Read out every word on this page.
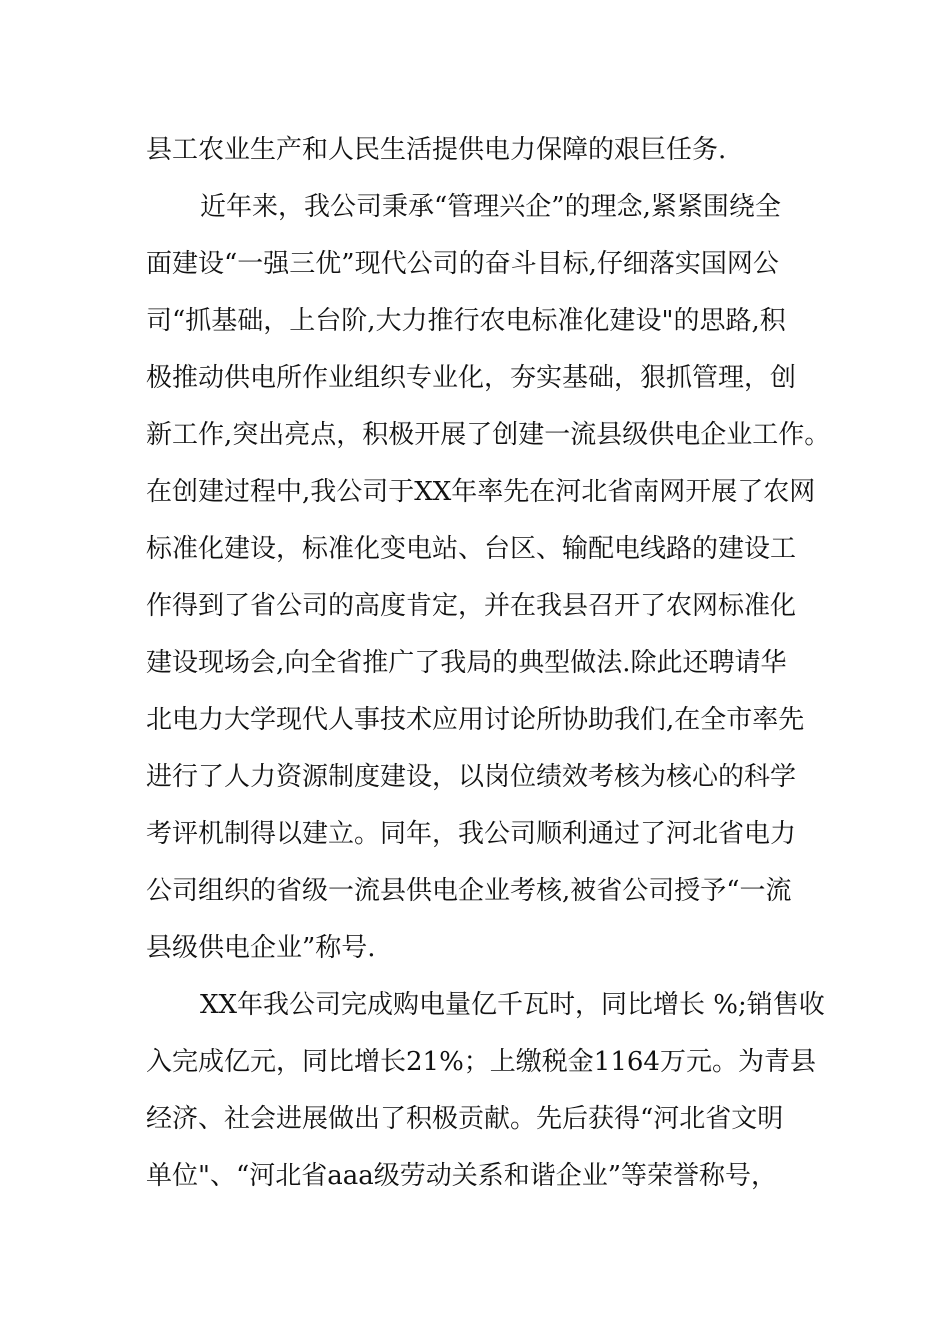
县工农业生产和人民生活提供电力保障的艰巨任务.
近年来，我公司秉承“管理兴企”的理念,紧紧围绕全
面建设“一强三优”现代公司的奋斗目标,仔细落实国网公
司“抓基础，上台阶,大力推行农电标准化建设"的思路,积
极推动供电所作业组织专业化，夯实基础，狠抓管理，创
新工作,突出亮点，积极开展了创建一流县级供电企业工作。
在创建过程中,我公司于XX年率先在河北省南网开展了农网
标准化建设，标准化变电站、台区、输配电线路的建设工
作得到了省公司的高度肯定，并在我县召开了农网标准化
建设现场会,向全省推广了我局的典型做法.除此还聘请华
北电力大学现代人事技术应用讨论所协助我们,在全市率先
进行了人力资源制度建设，以岗位绩效考核为核心的科学
考评机制得以建立。同年，我公司顺利通过了河北省电力
公司组织的省级一流县供电企业考核,被省公司授予“一流
县级供电企业”称号.
XX年我公司完成购电量亿千瓦时，同比增长 %;销售收
入完成亿元，同比增长21%；上缴税金1164万元。为青县
经济、社会进展做出了积极贡献。先后获得“河北省文明
单位"、“河北省aaa级劳动关系和谐企业”等荣誉称号，
